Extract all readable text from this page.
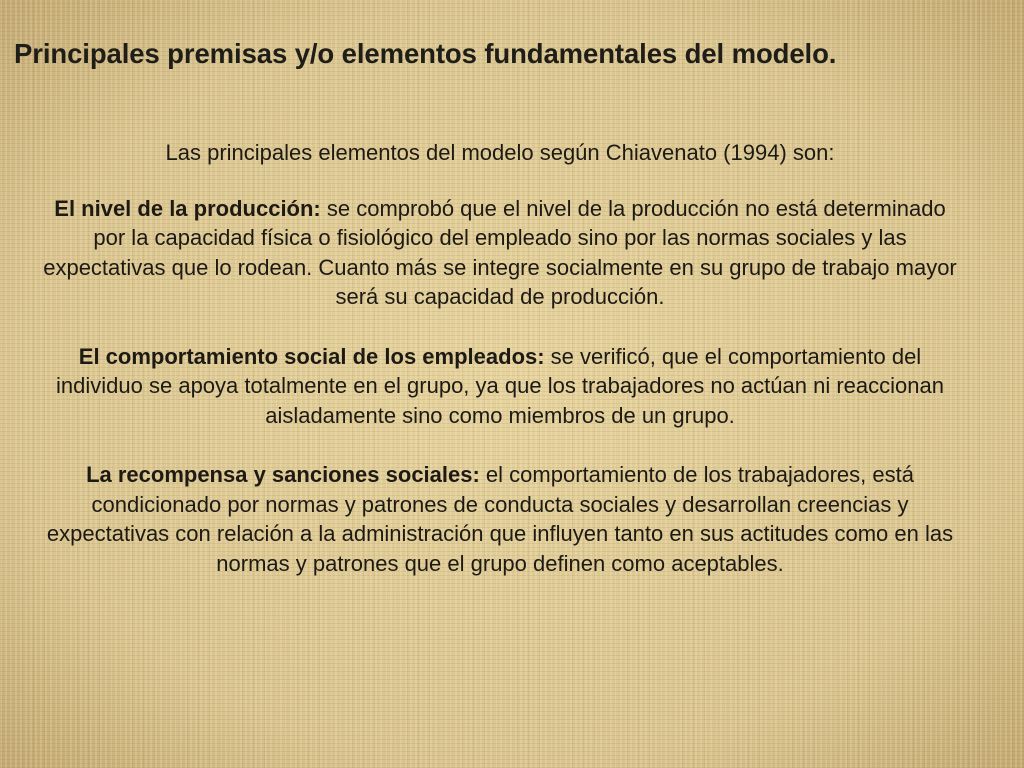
Principales premisas y/o elementos fundamentales del modelo.

Las principales elementos del modelo según Chiavenato (1994) son:

El nivel de la producción: se comprobó que el nivel de la producción no está determinado por la capacidad física o fisiológico del empleado sino por las normas sociales y las expectativas que lo rodean. Cuanto más se integre socialmente en su grupo de trabajo mayor será su capacidad de producción.

El comportamiento social de los empleados: se verificó, que el comportamiento del individuo se apoya totalmente en el grupo, ya que los trabajadores no actúan ni reaccionan aisladamente sino como miembros de un grupo.

La recompensa y sanciones sociales: el comportamiento de los trabajadores, está condicionado por normas y patrones de conducta sociales y desarrollan creencias y expectativas con relación a la administración que influyen tanto en sus actitudes como en las normas y patrones que el grupo definen como aceptables.
